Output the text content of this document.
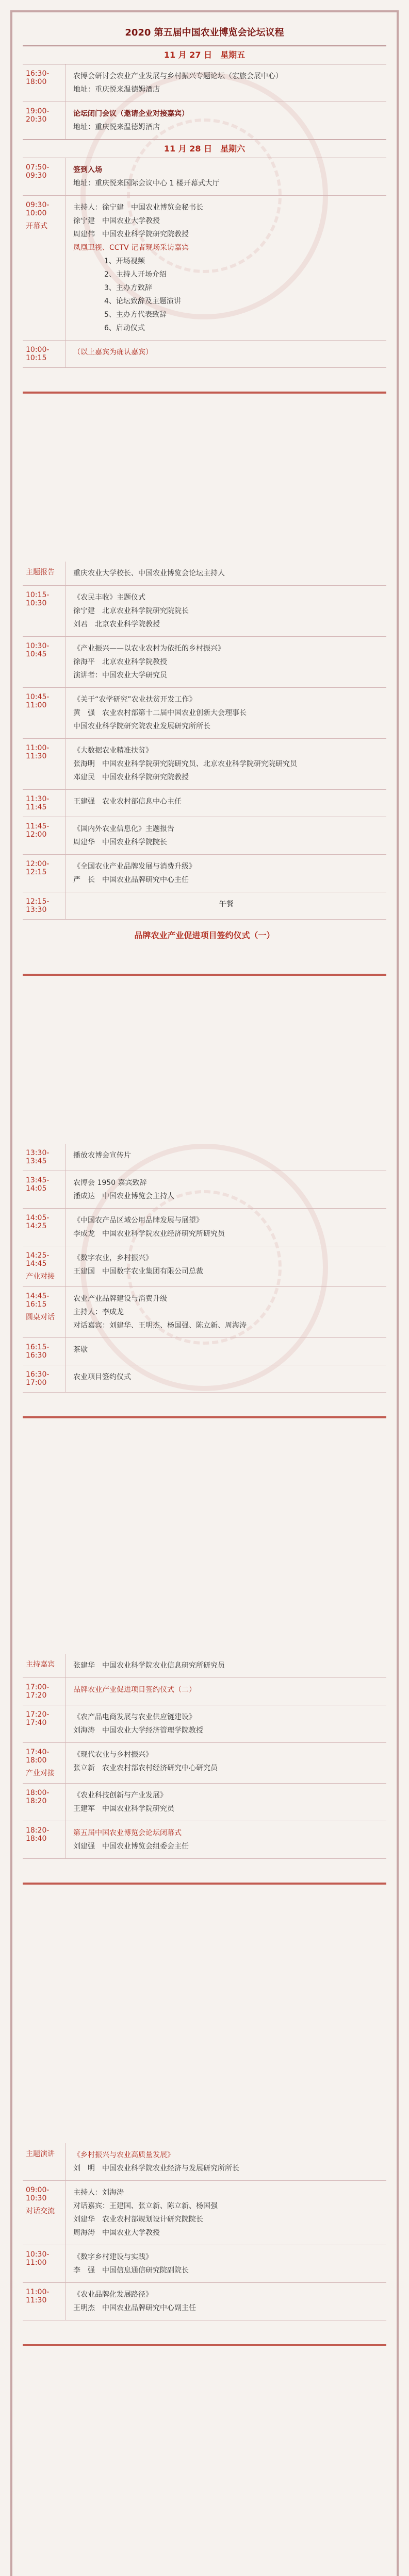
2020 第五届中国农业博览会论坛议程
11 月 27 日　星期五
16:30-18:00

农博会研讨会农业产业发展与乡村振兴专题论坛（宏旅会展中心）

地址：重庆悦来温德姆酒店

19:00-20:30

论坛闭门会议（邀请企业对接嘉宾）

地址：重庆悦来温德姆酒店

11 月 28 日　星期六
07:50-09:30

签到入场

地址：重庆悦来国际会议中心 1 楼开幕式大厅

09:30-10:00
开幕式

主持人：徐宁建　中国农业博览会秘书长

徐宁建　中国农业大学教授

周建伟　中国农业科学院研究院教授

凤凰卫视、CCTV 记者现场采访嘉宾

1、开场视频

2、主持人开场介绍

3、主办方致辞

4、论坛致辞及主题演讲

5、主办方代表致辞

6、启动仪式

10:00-10:15

（以上嘉宾为确认嘉宾）

主题报告	重庆农业大学校长、中国农业博览会论坛主持人

10:15-10:30

《农民丰收》主题仪式

徐宁建　北京农业科学院研究院院长

刘君　北京农业科学院教授

10:30-10:45

《产业振兴——以农业农村为依托的乡村振兴》

徐海平　北京农业科学院教授

演讲者：中国农业大学研究员

10:45-11:00

《关于“农学研究”农业扶贫开发工作》

黄　强　农业农村部第十二届中国农业创新大会理事长

中国农业科学院研究院农业发展研究所所长

11:00-11:30

《大数据农业精准扶贫》

张海明　中国农业科学院研究院研究员、北京农业科学院研究院研究员

邓建民　中国农业科学院研究院教授

11:30-11:45

王建强　农业农村部信息中心主任

11:45-12:00

《国内外农业信息化》主题报告

周建华　中国农业科学院院长

12:00-12:15

《全国农业产业品牌发展与消费升级》

严　长　中国农业品牌研究中心主任

12:15-13:30

午餐

品牌农业产业促进项目签约仪式（一）
13:30-13:45

播放农博会宣传片

13:45-14:05

农博会 1950 嘉宾致辞

潘成达　中国农业博览会主持人

14:05-14:25

《中国农产品区域公用品牌发展与展望》

李成龙　中国农业科学院农业经济研究所研究员

14:25-14:45
产业对接

《数字农业，乡村振兴》

王建国　中国数字农业集团有限公司总裁

14:45-16:15
圆桌对话

农业产业品牌建设与消费升级

主持人：李成龙

对话嘉宾：刘建华、王明杰、杨国强、陈立新、周海涛

16:15-16:30

茶歇

16:30-17:00

农业项目签约仪式

主持嘉宾	张建华　中国农业科学院农业信息研究所研究员

17:00-17:20

品牌农业产业促进项目签约仪式（二）

17:20-17:40

《农产品电商发展与农业供应链建设》

刘海涛　中国农业大学经济管理学院教授

17:40-18:00
产业对接

《现代农业与乡村振兴》

张立新　农业农村部农村经济研究中心研究员

18:00-18:20

《农业科技创新与产业发展》

王建军　中国农业科学院研究员

18:20-18:40

第五届中国农业博览会论坛闭幕式

刘建强　中国农业博览会组委会主任

主题演讲	《乡村振兴与农业高质量发展》

刘　明　中国农业科学院农业经济与发展研究所所长

09:00-10:30
对话交流

主持人：刘海涛

对话嘉宾：王建国、张立新、陈立新、杨国强

刘建华　农业农村部规划设计研究院院长

周海涛　中国农业大学教授

10:30-11:00

《数字乡村建设与实践》

李　强　中国信息通信研究院副院长

11:00-11:30

《农业品牌化发展路径》

王明杰　中国农业品牌研究中心副主任
